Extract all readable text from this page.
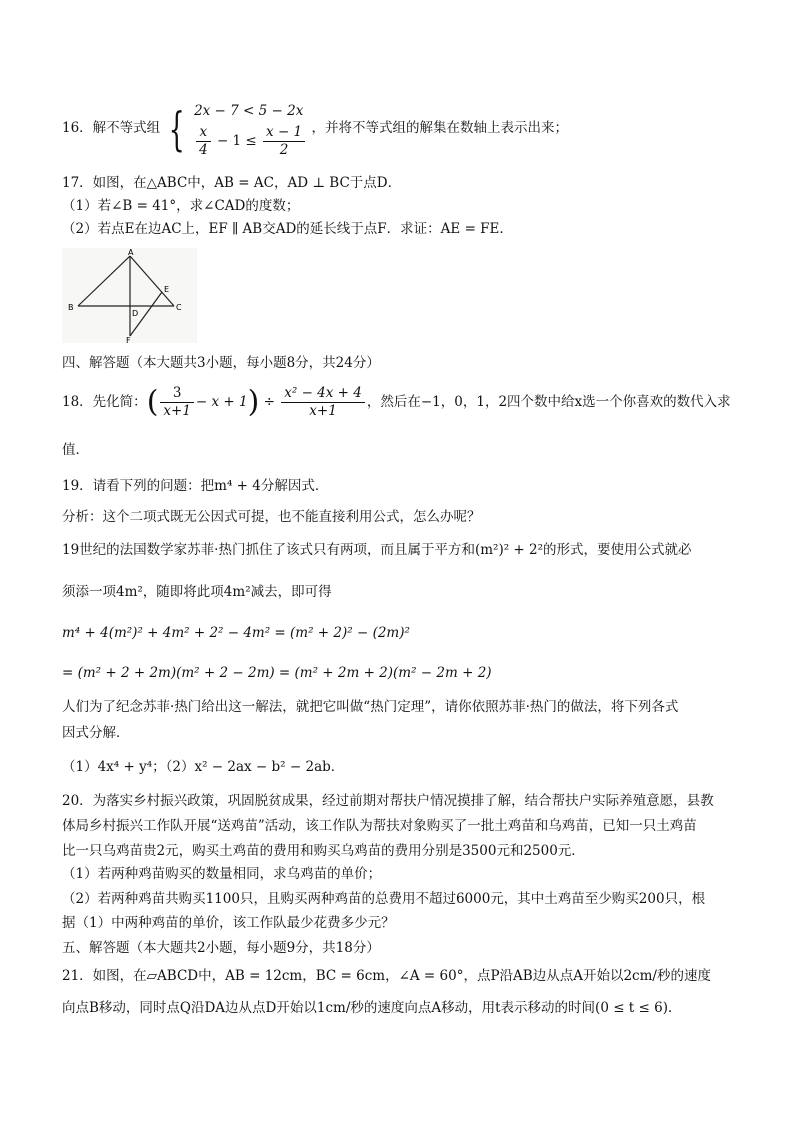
16．解不等式组 { 2x − 7 < 5 − 2x
$\frac{x}{4} - 1 \le \frac{x - 1}{2}$ ，并将不等式组的解集在数轴上表示出来；
17．如图，在△ABC中，AB = AC，AD ⊥ BC于点D．
（1）若∠B = 41°，求∠CAD的度数；
（2）若点E在边AC上，EF ∥ AB交AD的延长线于点F．求证：AE = FE．
A
B	C
D
E
F
四、解答题（本大题共3小题，每小题8分，共24分）
18．先化简：( $\frac{3}{x+1} - x + 1) \div \frac{\text{x² − 4x + 4}}{x+1}$ ，然后在−1，0，1，2四个数中给x选一个你喜欢的数代入求
值．
19．请看下列的问题：把m⁴ + 4分解因式．
分析：这个二项式既无公因式可提，也不能直接利用公式，怎么办呢？
19世纪的法国数学家苏菲·热门抓住了该式只有两项，而且属于平方和(m²)² + 2²的形式，要使用公式就必
须添一项4m²，随即将此项4m²减去，即可得
m⁴ + 4(m²)² + 4m² + 2² − 4m² = (m² + 2)² − (2m)²
= (m² + 2 + 2m)(m² + 2 − 2m) = (m² + 2m + 2)(m² − 2m + 2)
人们为了纪念苏菲·热门给出这一解法，就把它叫做“热门定理”，请你依照苏菲·热门的做法，将下列各式
因式分解．
（1）4x⁴ + y⁴；（2）x² − 2ax − b² − 2ab．
20．为落实乡村振兴政策，巩固脱贫成果，经过前期对帮扶户情况摸排了解，结合帮扶户实际养殖意愿，县教
体局乡村振兴工作队开展“送鸡苗”活动，该工作队为帮扶对象购买了一批土鸡苗和乌鸡苗，已知一只土鸡苗
比一只乌鸡苗贵2元，购买土鸡苗的费用和购买乌鸡苗的费用分别是3500元和2500元．
（1）若两种鸡苗购买的数量相同，求乌鸡苗的单价；
（2）若两种鸡苗共购买1100只，且购买两种鸡苗的总费用不超过6000元，其中土鸡苗至少购买200只，根
据（1）中两种鸡苗的单价，该工作队最少花费多少元？
五、解答题（本大题共2小题，每小题9分，共18分）
21．如图，在▱ABCD中，AB = 12cm，BC = 6cm，∠A = 60°，点P沿AB边从点A开始以2cm/秒的速度
向点B移动，同时点Q沿DA边从点D开始以1cm/秒的速度向点A移动，用t表示移动的时间(0 ≤ t ≤ 6)．
